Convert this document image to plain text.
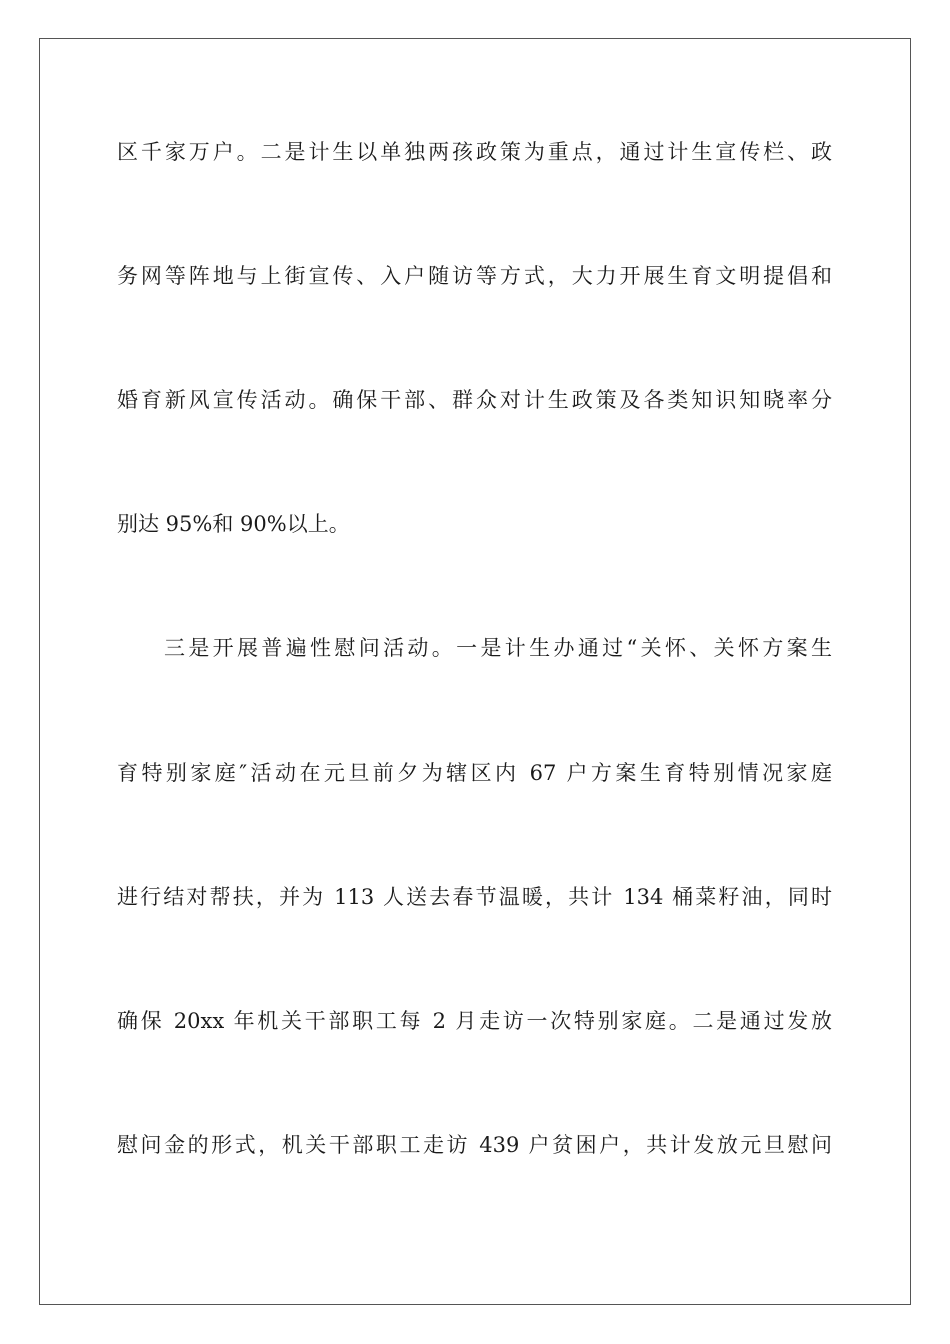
区千家万户。二是计生以单独两孩政策为重点，通过计生宣传栏、政
务网等阵地与上街宣传、入户随访等方式，大力开展生育文明提倡和
婚育新风宣传活动。确保干部、群众对计生政策及各类知识知晓率分
别达 95%和 90%以上。
三是开展普遍性慰问活动。一是计生办通过“关怀、关怀方案生
育特别家庭″活动在元旦前夕为辖区内 67 户方案生育特别情况家庭
进行结对帮扶，并为 113 人送去春节温暖，共计 134 桶菜籽油，同时
确保 20xx 年机关干部职工每 2 月走访一次特别家庭。二是通过发放
慰问金的形式，机关干部职工走访 439 户贫困户，共计发放元旦慰问
